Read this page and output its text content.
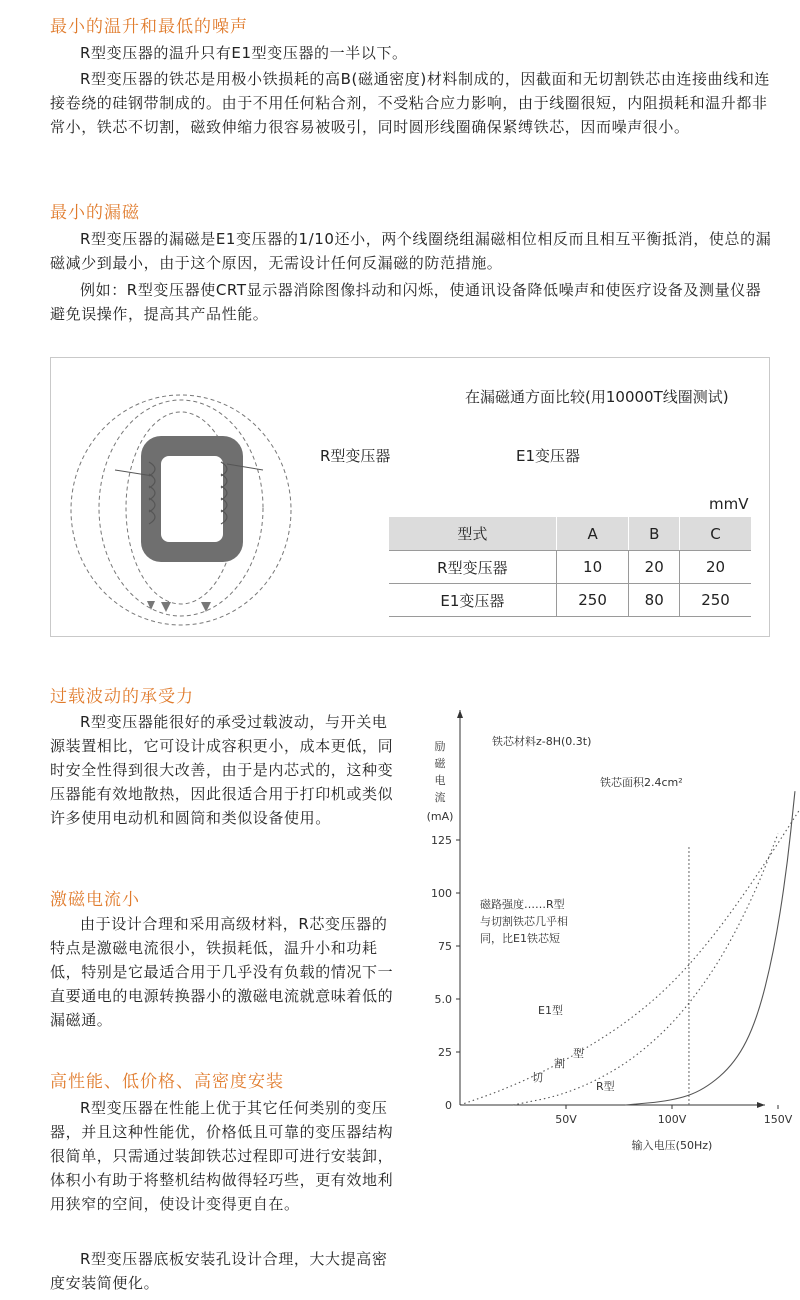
最小的温升和最低的噪声

R型变压器的温升只有E1型变压器的一半以下。

R型变压器的铁芯是用极小铁损耗的高B(磁通密度)材料制成的，因截面和无切割铁芯由连接曲线和连接卷绕的硅钢带制成的。由于不用任何粘合剂，不受粘合应力影响，由于线圈很短，内阻损耗和温升都非常小，铁芯不切割，磁致伸缩力很容易被吸引，同时圆形线圈确保紧缚铁芯，因而噪声很小。

最小的漏磁

R型变压器的漏磁是E1变压器的1/10还小，两个线圈绕组漏磁相位相反而且相互平衡抵消，使总的漏磁减少到最小，由于这个原因，无需设计任何反漏磁的防范措施。

例如：R型变压器使CRT显示器消除图像抖动和闪烁，使通讯设备降低噪声和使医疗设备及测量仪器避免误操作，提高其产品性能。

在漏磁通方面比较(用10000T线圈测试)
R型变压器	E1变压器
mmV
型式	A	B	C
R型变压器	10	20	20
E1变压器	250	80	250
过载波动的承受力

R型变压器能很好的承受过载波动，与开关电源装置相比，它可设计成容积更小，成本更低，同时安全性得到很大改善，由于是内芯式的，这种变压器能有效地散热，因此很适合用于打印机或类似许多使用电动机和圆筒和类似设备使用。

激磁电流小

由于设计合理和采用高级材料，R芯变压器的特点是激磁电流很小，铁损耗低，温升小和功耗低，特别是它最适合用于几乎没有负载的情况下一直要通电的电源转换器小的激磁电流就意味着低的漏磁通。

高性能、低价格、高密度安装

R型变压器在性能上优于其它任何类别的变压器，并且这种性能优，价格低且可靠的变压器结构很简单，只需通过装卸铁芯过程即可进行安装卸，体积小有助于将整机结构做得轻巧些，更有效地利用狭窄的空间，使设计变得更自在。

R型变压器底板安装孔设计合理，大大提高密度安装简便化。

0
25
5.0
75
100
125
50V	100V	150V
铁芯材料z-8H(0.3t)
铁芯面积2.4cm²
励
磁
电
流
(mA)
输入电压(50Hz)
磁路强度……R型
与切割铁芯几乎相
同，比E1铁芯短
E1型
切
割
型
R型
